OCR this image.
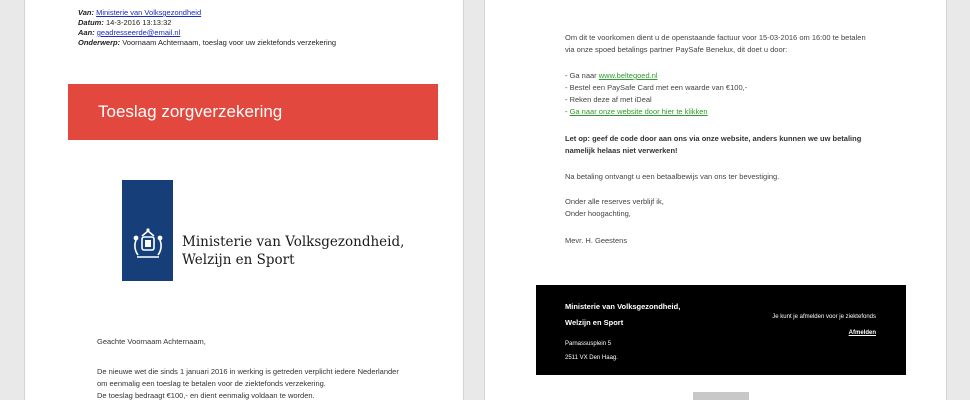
Van: Ministerie van Volksgezondheid
Datum: 14-3-2016 13:13:32
Aan: geadresseerde@email.nl
Onderwerp: Voornaam Achternaam, toeslag voor uw ziektefonds verzekering
Toeslag zorgverzekering
Ministerie van Volksgezondheid,
Welzijn en Sport
Geachte Voornaam Achternaam,
De nieuwe wet die sinds 1 januari 2016 in werking is getreden verplicht iedere Nederlander
om eenmalig een toeslag te betalen voor de ziektefonds verzekering.
De toeslag bedraagt €100,- en dient eenmalig voldaan te worden.
Om dit te voorkomen dient u de openstaande factuur voor 15-03-2016 om 16:00 te betalen
via onze spoed betalings partner PaySafe Benelux, dit doet u door:
- Ga naar www.beltegoed.nl
- Bestel een PaySafe Card met een waarde van €100,-
- Reken deze af met iDeal
- Ga naar onze website door hier te klikken
Let op: geef de code door aan ons via onze website, anders kunnen we uw betaling
namelijk helaas niet verwerken!
Na betaling ontvangt u een betaalbewijs van ons ter bevestiging.
Onder alle reserves verblijf ik,
Onder hoogachting,
Mevr. H. Geestens
Ministerie van Volksgezondheid,
Welzijn en Sport
Parnassusplein 5
2511 VX Den Haag.
Je kunt je afmelden voor je ziektefonds
Afmelden
